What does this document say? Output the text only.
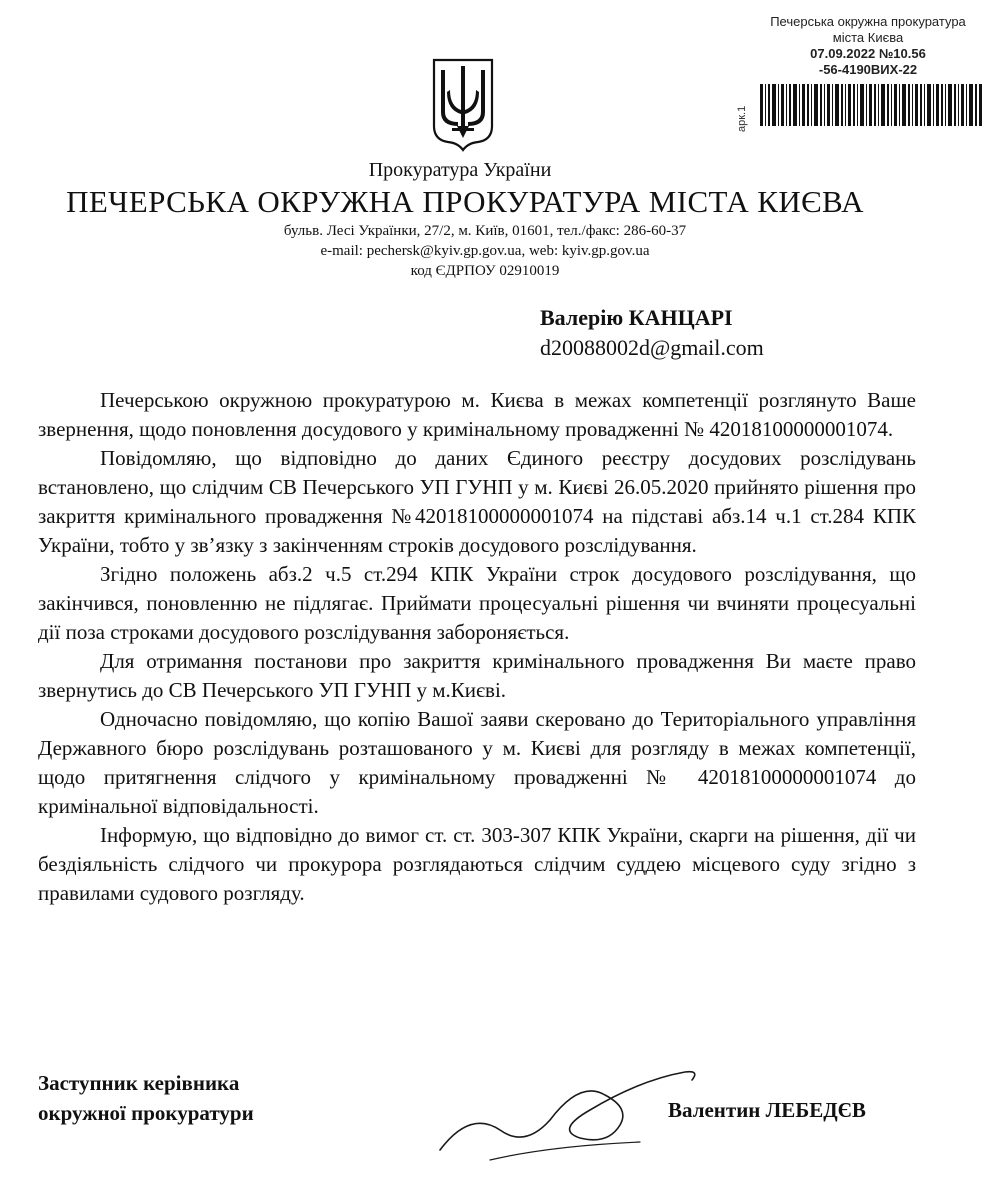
Печерська окружна прокуратура
міста Києва
07.09.2022 №10.56
-56-4190ВИХ-22
арк.1
Прокуратура України
ПЕЧЕРСЬКА ОКРУЖНА ПРОКУРАТУРА МІСТА КИЄВА
бульв. Лесі Українки, 27/2, м. Київ, 01601, тел./факс: 286-60-37
e-mail: pechersk@kyiv.gp.gov.ua, web: kyiv.gp.gov.ua
код ЄДРПОУ 02910019
Валерію КАНЦАРІ
d20088002d@gmail.com

Печерською окружною прокуратурою м. Києва в межах компетенції розглянуто Ваше звернення, щодо поновлення досудового у кримінальному провадженні № 42018100000001074.

Повідомляю, що відповідно до даних Єдиного реєстру досудових розслідувань встановлено, що слідчим СВ Печерського УП ГУНП у м. Києві 26.05.2020 прийнято рішення про закриття кримінального провадження №42018100000001074 на підставі абз.14 ч.1 ст.284 КПК України, тобто у зв’язку з закінченням строків досудового розслідування.

Згідно положень абз.2 ч.5 ст.294 КПК України строк досудового розслідування, що закінчився, поновленню не підлягає. Приймати процесуальні рішення чи вчиняти процесуальні дії поза строками досудового розслідування забороняється.

Для отримання постанови про закриття кримінального провадження Ви маєте право звернутись до СВ Печерського УП ГУНП у м.Києві.

Одночасно повідомляю, що копію Вашої заяви скеровано до Територіального управління Державного бюро розслідувань розташованого у м. Києві для розгляду в межах компетенції, щодо притягнення слідчого у кримінальному провадженні № 42018100000001074 до кримінальної відповідальності.

Інформую, що відповідно до вимог ст. ст. 303-307 КПК України, скарги на рішення, дії чи бездіяльність слідчого чи прокурора розглядаються слідчим суддею місцевого суду згідно з правилами судового розгляду.

Заступник керівника
окружної прокуратури	Валентин ЛЕБЕДЄВ
